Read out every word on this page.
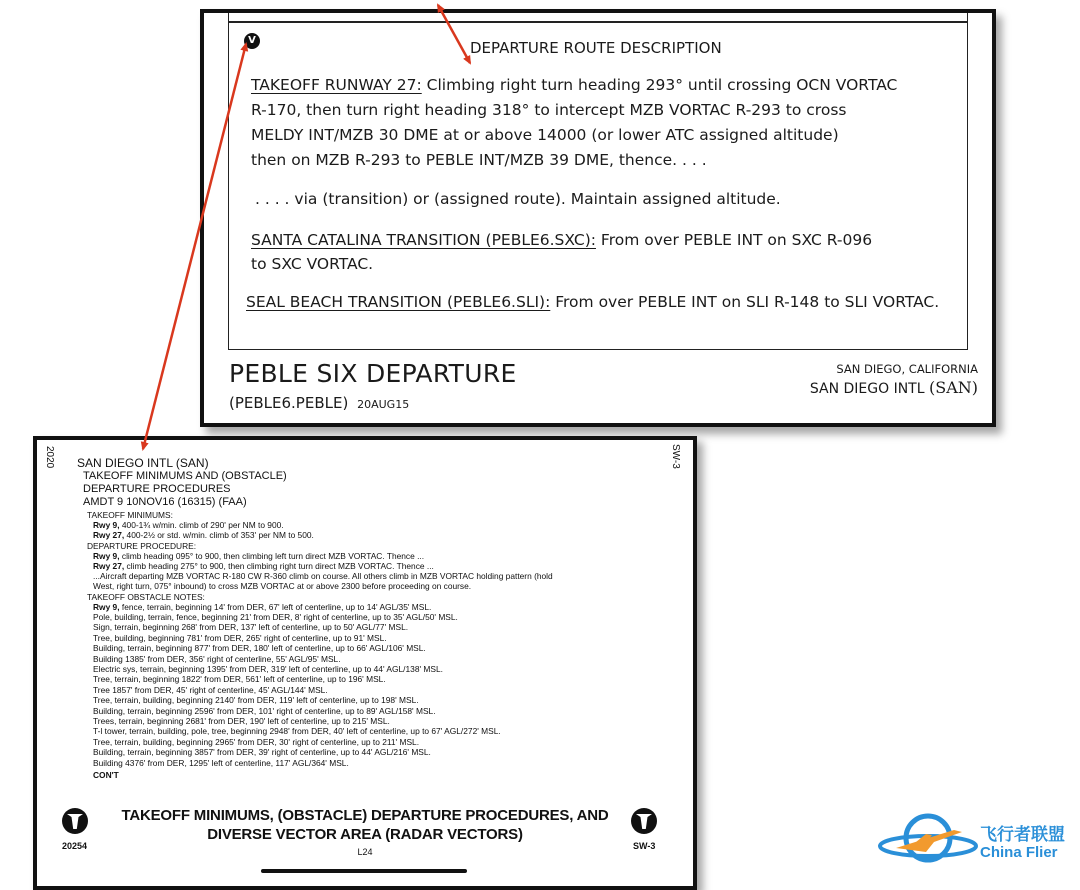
V	DEPARTURE ROUTE DESCRIPTION
TAKEOFF RUNWAY 27: Climbing right turn heading 293° until crossing OCN VORTAC
R-170, then turn right heading 318° to intercept MZB VORTAC R-293 to cross
MELDY INT/MZB 30 DME at or above 14000 (or lower ATC assigned altitude)
then on MZB R-293 to PEBLE INT/MZB 39 DME, thence. . . .
. . . . via (transition) or (assigned route). Maintain assigned altitude.
SANTA CATALINA TRANSITION (PEBLE6.SXC): From over PEBLE INT on SXC R-096
to SXC VORTAC.
SEAL BEACH TRANSITION (PEBLE6.SLI): From over PEBLE INT on SLI R-148 to SLI VORTAC.
PEBLE SIX DEPARTURE
(PEBLE6.PEBLE) 20AUG15
SAN DIEGO, CALIFORNIA
SAN DIEGO INTL (SAN)
2020	SW-3
SAN DIEGO INTL (SAN)
TAKEOFF MINIMUMS AND (OBSTACLE)
DEPARTURE PROCEDURES
AMDT 9 10NOV16 (16315) (FAA)
TAKEOFF MINIMUMS:
Rwy 9, 400-1¾ w/min. climb of 290' per NM to 900.
Rwy 27, 400-2½ or std. w/min. climb of 353' per NM to 500.
DEPARTURE PROCEDURE:
Rwy 9, climb heading 095° to 900, then climbing left turn direct MZB VORTAC. Thence ...
Rwy 27, climb heading 275° to 900, then climbing right turn direct MZB VORTAC. Thence ...
...Aircraft departing MZB VORTAC R-180 CW R-360 climb on course. All others climb in MZB VORTAC holding pattern (hold
West, right turn, 075° inbound) to cross MZB VORTAC at or above 2300 before proceeding on course.
TAKEOFF OBSTACLE NOTES:
Rwy 9, fence, terrain, beginning 14' from DER, 67' left of centerline, up to 14' AGL/35' MSL.
Pole, building, terrain, fence, beginning 21' from DER, 8' right of centerline, up to 35' AGL/50' MSL.
Sign, terrain, beginning 268' from DER, 137' left of centerline, up to 50' AGL/77' MSL.
Tree, building, beginning 781' from DER, 265' right of centerline, up to 91' MSL.
Building, terrain, beginning 877' from DER, 180' left of centerline, up to 66' AGL/106' MSL.
Building 1385' from DER, 356' right of centerline, 55' AGL/95' MSL.
Electric sys, terrain, beginning 1395' from DER, 319' left of centerline, up to 44' AGL/138' MSL.
Tree, terrain, beginning 1822' from DER, 561' left of centerline, up to 196' MSL.
Tree 1857' from DER, 45' right of centerline, 45' AGL/144' MSL.
Tree, terrain, building, beginning 2140' from DER, 119' left of centerline, up to 198' MSL.
Building, terrain, beginning 2596' from DER, 101' right of centerline, up to 89' AGL/158' MSL.
Trees, terrain, beginning 2681' from DER, 190' left of centerline, up to 215' MSL.
T-l tower, terrain, building, pole, tree, beginning 2948' from DER, 40' left of centerline, up to 67' AGL/272' MSL.
Tree, terrain, building, beginning 2965' from DER, 30' right of centerline, up to 211' MSL.
Building, terrain, beginning 3857' from DER, 39' right of centerline, up to 44' AGL/216' MSL.
Building 4376' from DER, 1295' left of centerline, 117' AGL/364' MSL.
CON'T
TAKEOFF MINIMUMS, (OBSTACLE) DEPARTURE PROCEDURES, AND
DIVERSE VECTOR AREA (RADAR VECTORS)
20254
L24
SW-3
飞行者联盟
China Flier
